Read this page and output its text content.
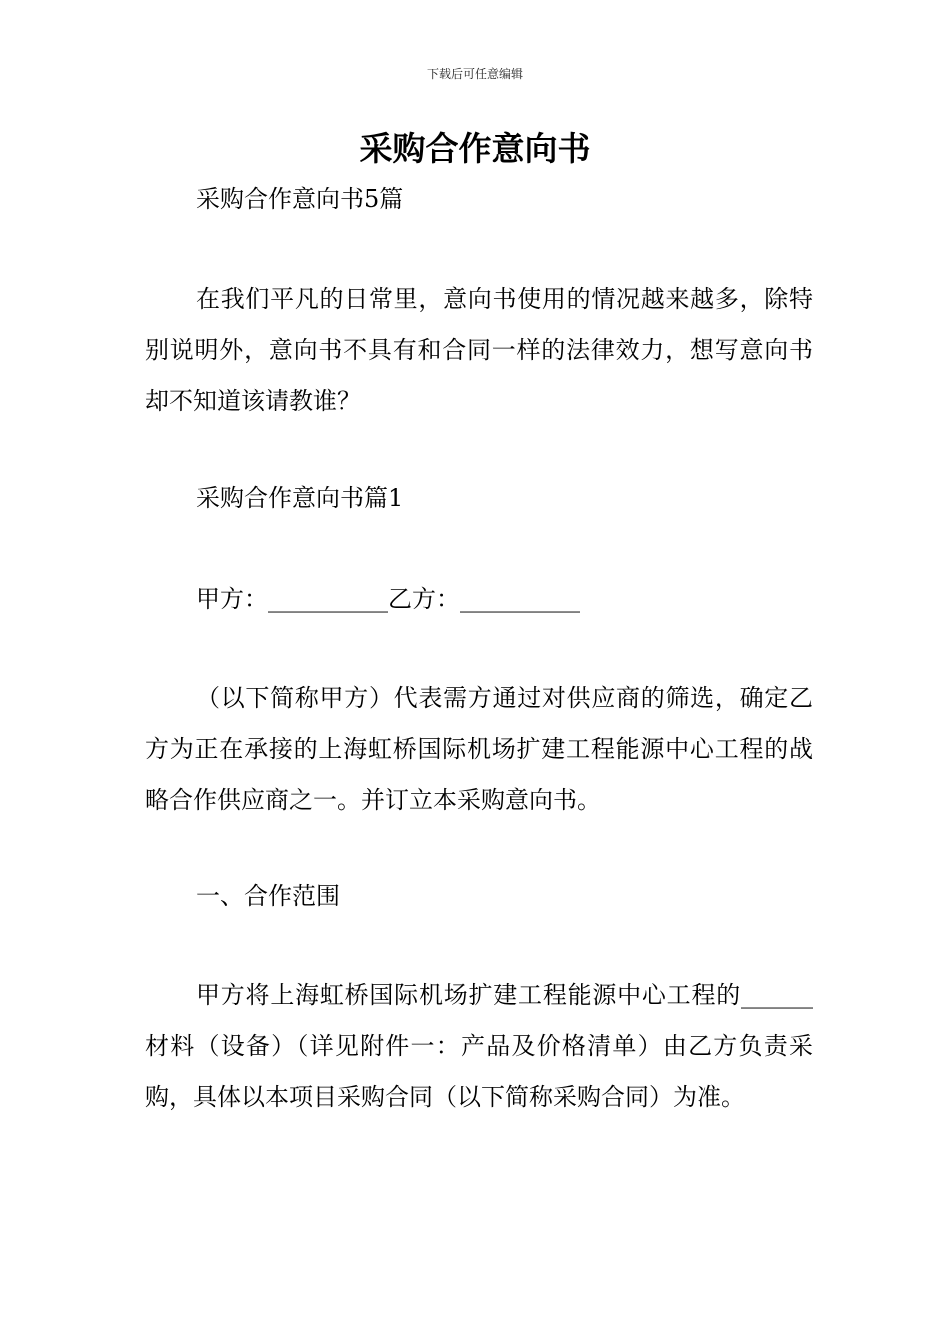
下载后可任意编辑
采购合作意向书

采购合作意向书5篇

在我们平凡的日常里，意向书使用的情况越来越多，除特别说明外，意向书不具有和合同一样的法律效力，想写意向书却不知道该请教谁？

采购合作意向书篇1

甲方：__________乙方：__________

（以下简称甲方）代表需方通过对供应商的筛选，确定乙方为正在承接的上海虹桥国际机场扩建工程能源中心工程的战略合作供应商之一。并订立本采购意向书。

一、合作范围

甲方将上海虹桥国际机场扩建工程能源中心工程的______材料（设备）（详见附件一：产品及价格清单）由乙方负责采购，具体以本项目采购合同（以下简称采购合同）为准。
